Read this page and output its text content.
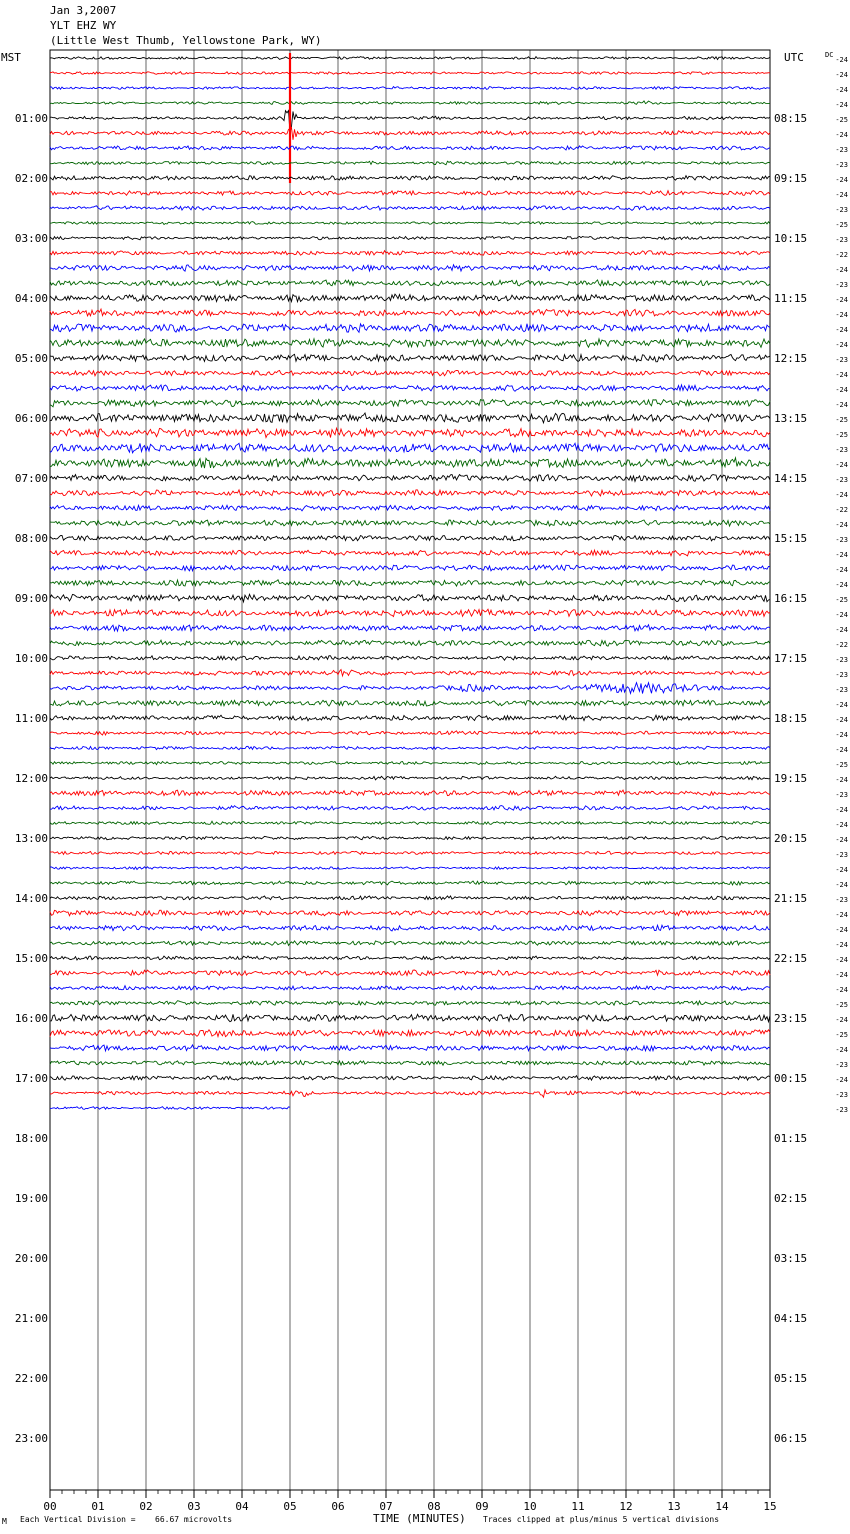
Jan 3,2007
YLT EHZ WY
(Little West Thumb, Yellowstone Park, WY)
-24
-24
-24
-24
-25
-24
-23
-23
-24
-24
-23
-25
-23
-22
-24
-23
-24
-24
-24
-24
-23
-24
-24
-24
-25
-25
-23
-24
-23
-24
-22
-24
-23
-24
-24
-24
-25
-24
-24
-22
-23
-23
-23
-24
-24
-24
-24
-25
-24
-23
-24
-24
-24
-23
-24
-24
-23
-24
-24
-24
-24
-24
-24
-25
-24
-25
-24
-23
-24
-23
-23
MST	UTC	DC
01:00
02:00
03:00
04:00
05:00
06:00
07:00
08:00
09:00
10:00
11:00
12:00
13:00
14:00
15:00
16:00
17:00
18:00
19:00
20:00
21:00
22:00
23:00
08:15
09:15
10:15
11:15
12:15
13:15
14:15
15:15
16:15
17:15
18:15
19:15
20:15
21:15
22:15
23:15
00:15
01:15
02:15
03:15
04:15
05:15
06:15
00	01	02	03	04	05	06	07	08	09	10	11	12	13	14	15
M Each Vertical Division = 66.67 microvolts	TIME (MINUTES) Traces clipped at plus/minus 5 vertical divisions
